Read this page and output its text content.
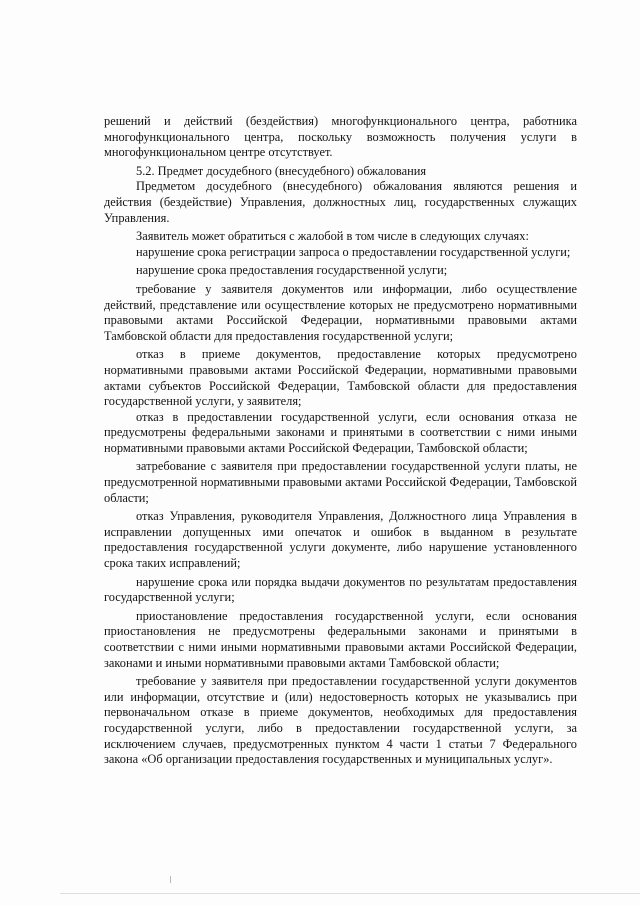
решений и действий (бездействия) многофункционального центра, работника многофункционального центра, поскольку возможность получения услуги в многофункциональном центре отсутствует.

5.2. Предмет досудебного (внесудебного) обжалования

Предметом досудебного (внесудебного) обжалования являются решения и действия (бездействие) Управления, должностных лиц, государственных служащих Управления.

Заявитель может обратиться с жалобой в том числе в следующих случаях:

нарушение срока регистрации запроса о предоставлении государственной услуги;

нарушение срока предоставления государственной услуги;

требование у заявителя документов или информации, либо осуществление действий, представление или осуществление которых не предусмотрено нормативными правовыми актами Российской Федерации, нормативными правовыми актами Тамбовской области для предоставления государственной услуги;

отказ в приеме документов, предоставление которых предусмотрено нормативными правовыми актами Российской Федерации, нормативными правовыми актами субъектов Российской Федерации, Тамбовской области для предоставления государственной услуги, у заявителя;

отказ в предоставлении государственной услуги, если основания отказа не предусмотрены федеральными законами и принятыми в соответствии с ними иными нормативными правовыми актами Российской Федерации, Тамбовской области;

затребование с заявителя при предоставлении государственной услуги платы, не предусмотренной нормативными правовыми актами Российской Федерации, Тамбовской области;

отказ Управления, руководителя Управления, Должностного лица Управления в исправлении допущенных ими опечаток и ошибок в выданном в результате предоставления государственной услуги документе, либо нарушение установленного срока таких исправлений;

нарушение срока или порядка выдачи документов по результатам предоставления государственной услуги;

приостановление предоставления государственной услуги, если основания приостановления не предусмотрены федеральными законами и принятыми в соответствии с ними иными нормативными правовыми актами Российской Федерации, законами и иными нормативными правовыми актами Тамбовской области;

требование у заявителя при предоставлении государственной услуги документов или информации, отсутствие и (или) недостоверность которых не указывались при первоначальном отказе в приеме документов, необходимых для предоставления государственной услуги, либо в предоставлении государственной услуги, за исключением случаев, предусмотренных пунктом 4 части 1 статьи 7 Федерального закона «Об организации предоставления государственных и муниципальных услуг».
